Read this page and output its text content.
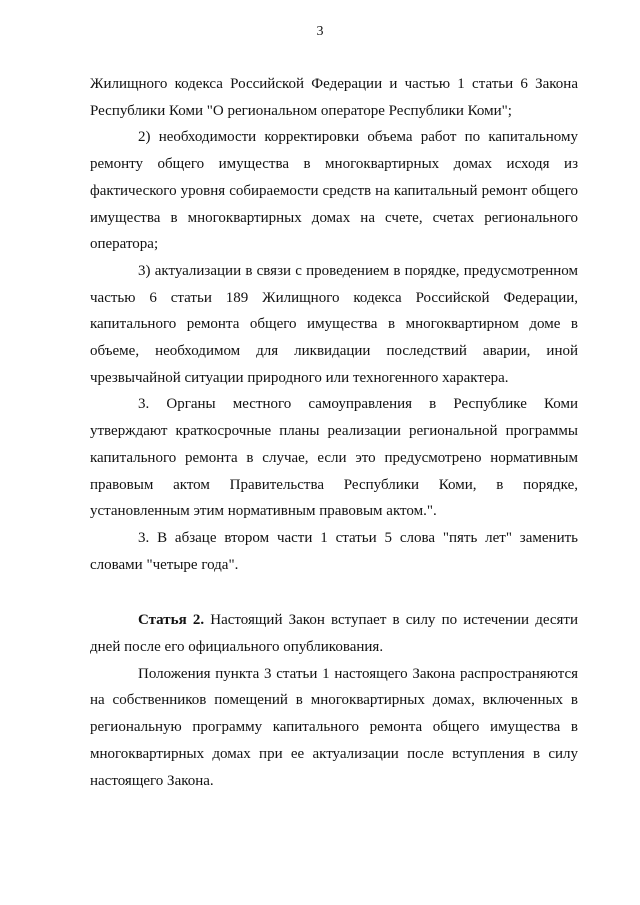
3

Жилищного кодекса Российской Федерации и частью 1 статьи 6 Закона Республики Коми "О региональном операторе Республики Коми";

2) необходимости корректировки объема работ по капитальному ремонту общего имущества в многоквартирных домах исходя из фактического уровня собираемости средств на капитальный ремонт общего имущества в многоквартирных домах на счете, счетах регионального оператора;

3) актуализации в связи с проведением в порядке, предусмотренном частью 6 статьи 189 Жилищного кодекса Российской Федерации, капитального ремонта общего имущества в многоквартирном доме в объеме, необходимом для ликвидации последствий аварии, иной чрезвычайной ситуации природного или техногенного характера.

3. Органы местного самоуправления в Республике Коми утверждают краткосрочные планы реализации региональной программы капитального ремонта в случае, если это предусмотрено нормативным правовым актом Правительства Республики Коми, в порядке, установленным этим нормативным правовым актом.".

3. В абзаце втором части 1 статьи 5 слова "пять лет" заменить словами "четыре года".

Статья 2. Настоящий Закон вступает в силу по истечении десяти дней после его официального опубликования.

Положения пункта 3 статьи 1 настоящего Закона распространяются на собственников помещений в многоквартирных домах, включенных в региональную программу капитального ремонта общего имущества в многоквартирных домах при ее актуализации после вступления в силу настоящего Закона.
